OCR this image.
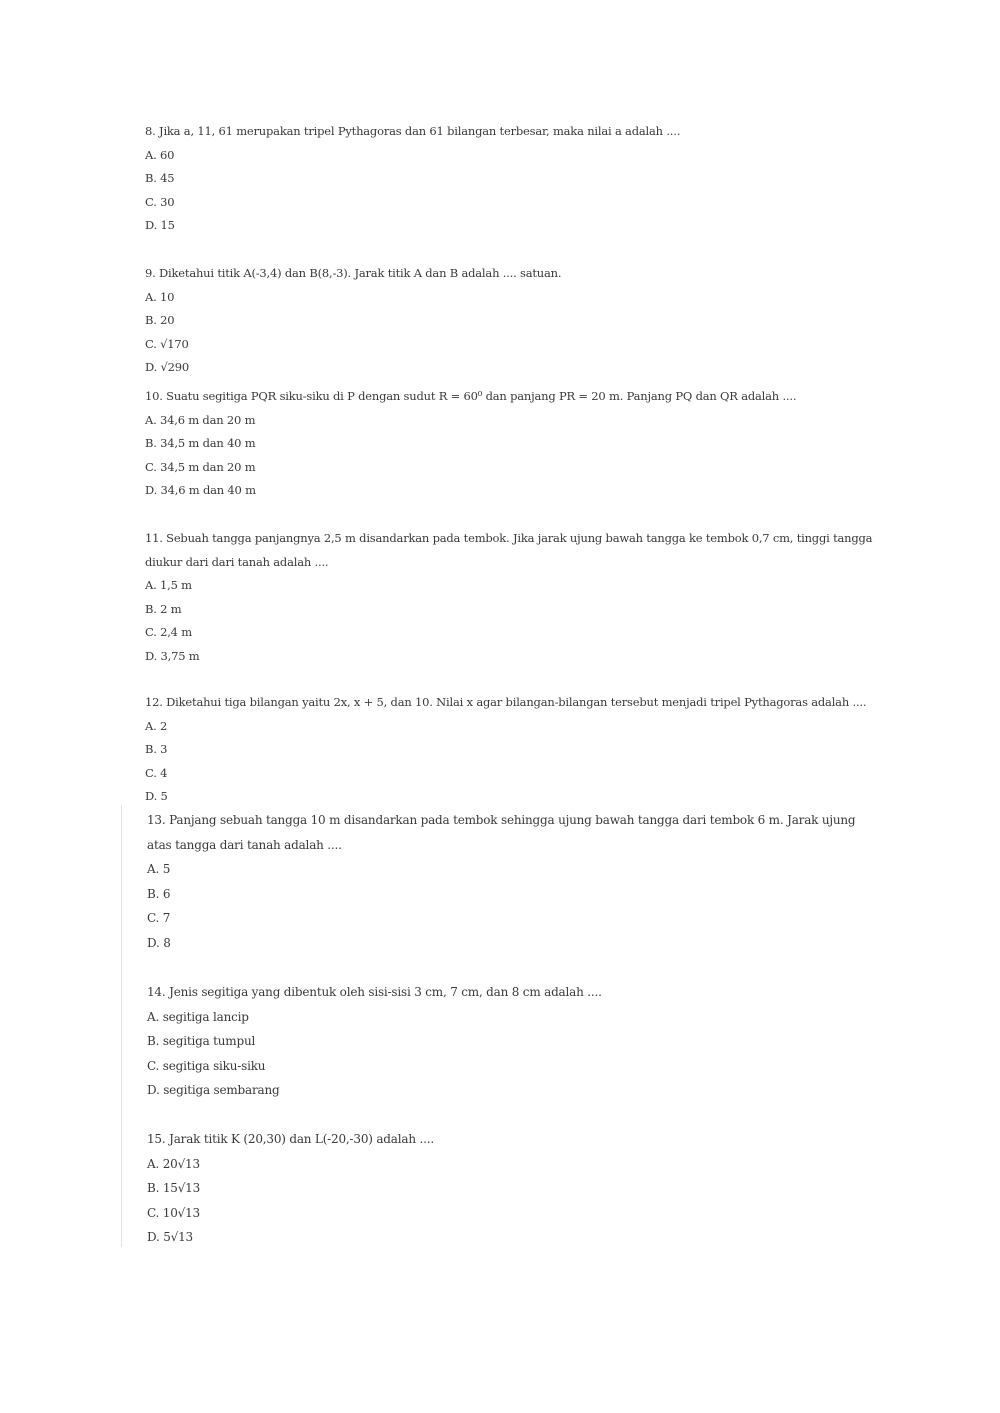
8. Jika a, 11, 61 merupakan tripel Pythagoras dan 61 bilangan terbesar, maka nilai a adalah ....

A. 60

B. 45

C. 30

D. 15

9. Diketahui titik A(-3,4) dan B(8,-3). Jarak titik A dan B adalah .... satuan.

A. 10

B. 20

C. √170

D. √290

10. Suatu segitiga PQR siku-siku di P dengan sudut R = 60⁰ dan panjang PR = 20 m. Panjang PQ dan QR adalah ....

A. 34,6 m dan 20 m

B. 34,5 m dan 40 m

C. 34,5 m dan 20 m

D. 34,6 m dan 40 m

11. Sebuah tangga panjangnya 2,5 m disandarkan pada tembok. Jika jarak ujung bawah tangga ke tembok 0,7 cm, tinggi tangga diukur dari dari tanah adalah ....

A. 1,5 m

B. 2 m

C. 2,4 m

D. 3,75 m

12. Diketahui tiga bilangan yaitu 2x, x + 5, dan 10. Nilai x agar bilangan-bilangan tersebut menjadi tripel Pythagoras adalah ....

A. 2

B. 3

C. 4

D. 5

13. Panjang sebuah tangga 10 m disandarkan pada tembok sehingga ujung bawah tangga dari tembok 6 m. Jarak ujung atas tangga dari tanah adalah ....

A. 5

B. 6

C. 7

D. 8

14. Jenis segitiga yang dibentuk oleh sisi-sisi 3 cm, 7 cm, dan 8 cm adalah ....

A. segitiga lancip

B. segitiga tumpul

C. segitiga siku-siku

D. segitiga sembarang

15. Jarak titik K (20,30) dan L(-20,-30) adalah ....

A. 20√13

B. 15√13

C. 10√13

D. 5√13
